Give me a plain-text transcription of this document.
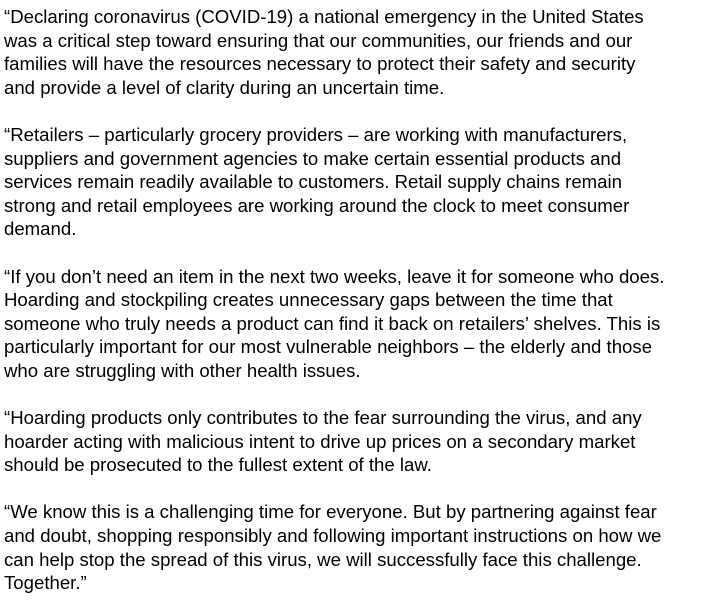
“Declaring coronavirus (COVID-19) a national emergency in the United States
was a critical step toward ensuring that our communities, our friends and our
families will have the resources necessary to protect their safety and security
and provide a level of clarity during an uncertain time.

“Retailers – particularly grocery providers – are working with manufacturers,
suppliers and government agencies to make certain essential products and
services remain readily available to customers. Retail supply chains remain
strong and retail employees are working around the clock to meet consumer
demand.

“If you don’t need an item in the next two weeks, leave it for someone who does.
Hoarding and stockpiling creates unnecessary gaps between the time that
someone who truly needs a product can find it back on retailers’ shelves. This is
particularly important for our most vulnerable neighbors – the elderly and those
who are struggling with other health issues.

“Hoarding products only contributes to the fear surrounding the virus, and any
hoarder acting with malicious intent to drive up prices on a secondary market
should be prosecuted to the fullest extent of the law.

“We know this is a challenging time for everyone. But by partnering against fear
and doubt, shopping responsibly and following important instructions on how we
can help stop the spread of this virus, we will successfully face this challenge.
Together.”
